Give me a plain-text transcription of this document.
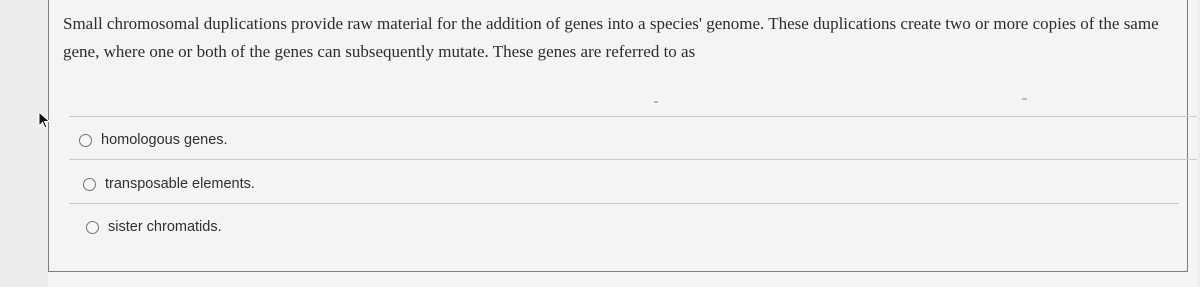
Small chromosomal duplications provide raw material for the addition of genes into a species' genome. These duplications create two or more copies of the same gene, where one or both of the genes can subsequently mutate. These genes are referred to as

homologous genes.
transposable elements.
sister chromatids.
